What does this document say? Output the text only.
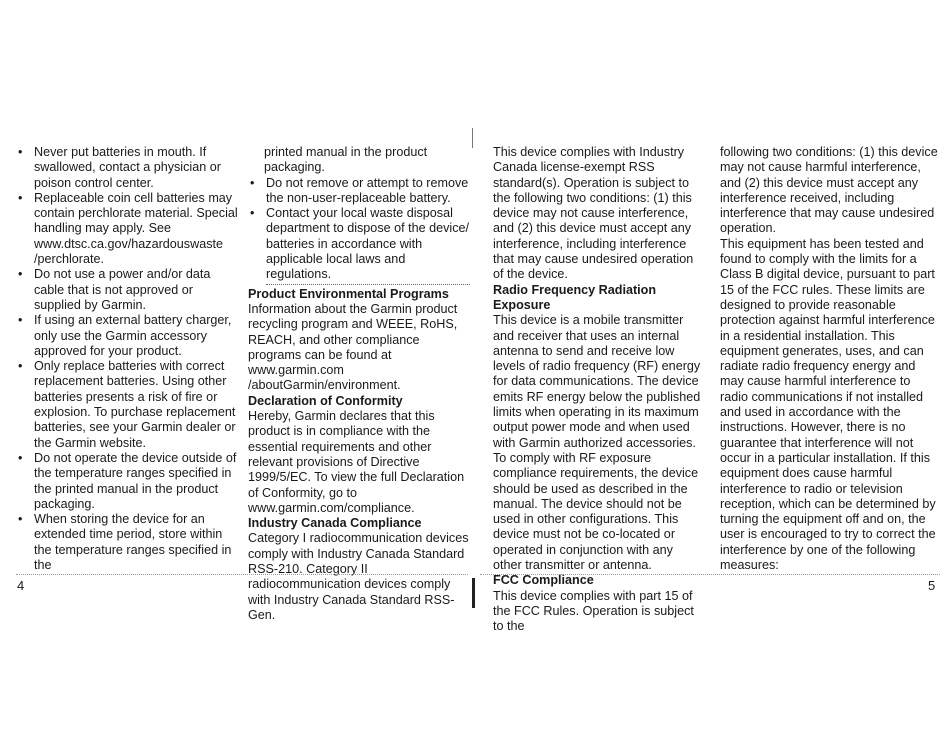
• Never put batteries in mouth. If swallowed, contact a physician or poison control center.
• Replaceable coin cell batteries may contain perchlorate material. Special handling may apply. See www.dtsc.ca.gov/hazardouswaste /perchlorate.
• Do not use a power and/or data cable that is not approved or supplied by Garmin.
• If using an external battery charger, only use the Garmin accessory approved for your product.
• Only replace batteries with correct replacement batteries. Using other batteries presents a risk of fire or explosion. To purchase replacement batteries, see your Garmin dealer or the Garmin website.
• Do not operate the device outside of the temperature ranges specified in the printed manual in the product packaging.
• When storing the device for an extended time period, store within the temperature ranges specified in the

printed manual in the product packaging.

• Do not remove or attempt to remove the non-user-replaceable battery.
• Contact your local waste disposal department to dispose of the device/ batteries in accordance with applicable local laws and regulations.

Product Environmental Programs

Information about the Garmin product recycling program and WEEE, RoHS, REACH, and other compliance programs can be found at www.garmin.com /aboutGarmin/environment.

Declaration of Conformity

Hereby, Garmin declares that this product is in compliance with the essential requirements and other relevant provisions of Directive 1999/5/EC. To view the full Declaration of Conformity, go to www.garmin.com/compliance.

Industry Canada Compliance

Category I radiocommunication devices comply with Industry Canada Standard RSS-210. Category II radiocommunication devices comply with Industry Canada Standard RSS-Gen.

This device complies with Industry Canada license-exempt RSS standard(s). Operation is subject to the following two conditions: (1) this device may not cause interference, and (2) this device must accept any interference, including interference that may cause undesired operation of the device.

Radio Frequency Radiation Exposure

This device is a mobile transmitter and receiver that uses an internal antenna to send and receive low levels of radio frequency (RF) energy for data communications. The device emits RF energy below the published limits when operating in its maximum output power mode and when used with Garmin authorized accessories. To comply with RF exposure compliance requirements, the device should be used as described in the manual. The device should not be used in other configurations. This device must not be co-located or operated in conjunction with any other transmitter or antenna.

FCC Compliance

This device complies with part 15 of the FCC Rules. Operation is subject to the

following two conditions: (1) this device may not cause harmful interference, and (2) this device must accept any interference received, including interference that may cause undesired operation.

This equipment has been tested and found to comply with the limits for a Class B digital device, pursuant to part 15 of the FCC rules. These limits are designed to provide reasonable protection against harmful interference in a residential installation. This equipment generates, uses, and can radiate radio frequency energy and may cause harmful interference to radio communications if not installed and used in accordance with the instructions. However, there is no guarantee that interference will not occur in a particular installation. If this equipment does cause harmful interference to radio or television reception, which can be determined by turning the equipment off and on, the user is encouraged to try to correct the interference by one of the following measures:

4	5
